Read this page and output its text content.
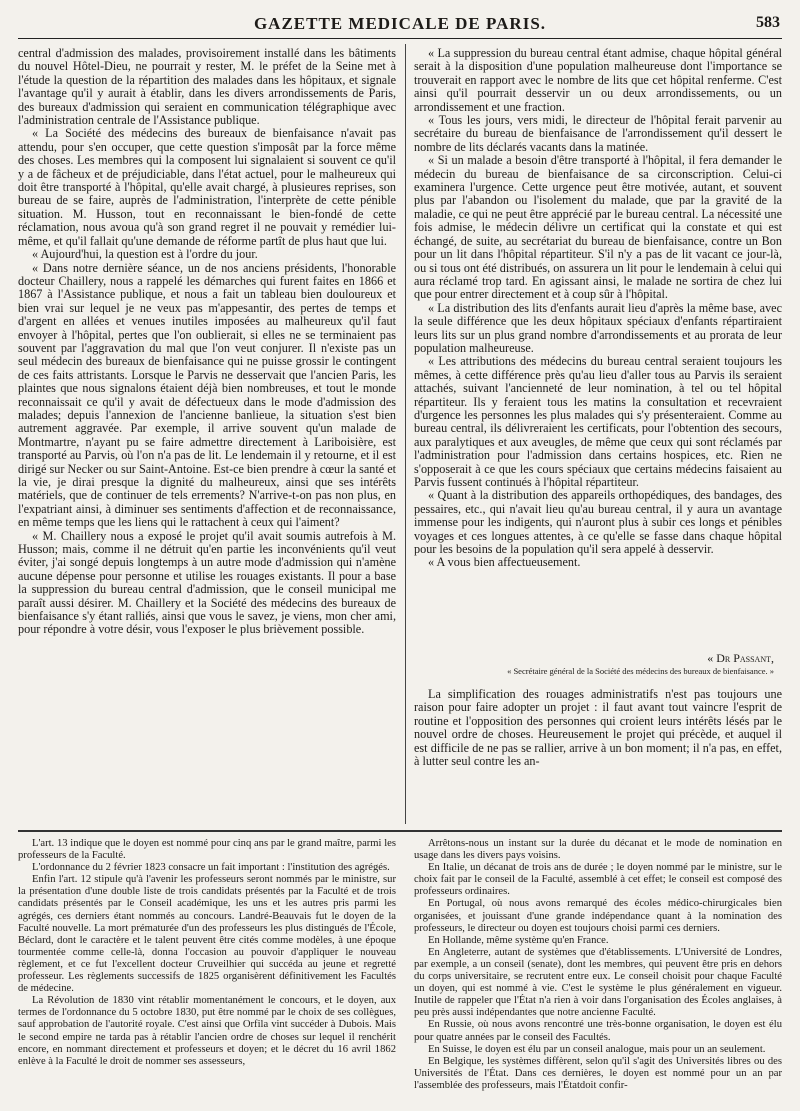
GAZETTE MEDICALE DE PARIS.	583

central d'admission des malades, provisoirement installé dans les bâtiments du nouvel Hôtel-Dieu, ne pourrait y rester, M. le préfet de la Seine met à l'étude la question de la répartition des malades dans les hôpitaux, et signale l'avantage qu'il y aurait à établir, dans les divers arrondissements de Paris, des bureaux d'admission qui seraient en communication télégraphique avec l'administration centrale de l'Assistance publique.

« La Société des médecins des bureaux de bienfaisance n'avait pas attendu, pour s'en occuper, que cette question s'imposât par la force même des choses. Les membres qui la composent lui signalaient si souvent ce qu'il y a de fâcheux et de préjudiciable, dans l'état actuel, pour le malheureux qui doit être transporté à l'hôpital, qu'elle avait chargé, à plusieures reprises, son bureau de se faire, auprès de l'administration, l'interprète de cette pénible situation. M. Husson, tout en reconnaissant le bien-fondé de cette réclamation, nous avoua qu'à son grand regret il ne pouvait y remédier lui-même, et qu'il fallait qu'une demande de réforme partît de plus haut que lui.

« Aujourd'hui, la question est à l'ordre du jour.

« Dans notre dernière séance, un de nos anciens présidents, l'honorable docteur Chaillery, nous a rappelé les démarches qui furent faites en 1866 et 1867 à l'Assistance publique, et nous a fait un tableau bien douloureux et bien vrai sur lequel je ne veux pas m'appesantir, des pertes de temps et d'argent en allées et venues inutiles imposées au malheureux qu'il faut envoyer à l'hôpital, pertes que l'on oublierait, si elles ne se terminaient pas souvent par l'aggravation du mal que l'on veut conjurer. Il n'existe pas un seul médecin des bureaux de bienfaisance qui ne puisse grossir le contingent de ces faits attristants. Lorsque le Parvis ne desservait que l'ancien Paris, les plaintes que nous signalons étaient déjà bien nombreuses, et tout le monde reconnaissait ce qu'il y avait de défectueux dans le mode d'admission des malades; depuis l'annexion de l'ancienne banlieue, la situation s'est bien autrement aggravée. Par exemple, il arrive souvent qu'un malade de Montmartre, n'ayant pu se faire admettre directement à Lariboisière, est transporté au Parvis, où l'on n'a pas de lit. Le lendemain il y retourne, et il est dirigé sur Necker ou sur Saint-Antoine. Est-ce bien prendre à cœur la santé et la vie, je dirai presque la dignité du malheureux, ainsi que ses intérêts matériels, que de continuer de tels errements? N'arrive-t-on pas non plus, en l'expatriant ainsi, à diminuer ses sentiments d'affection et de reconnaissance, en même temps que les liens qui le rattachent à ceux qui l'aiment?

« M. Chaillery nous a exposé le projet qu'il avait soumis autrefois à M. Husson; mais, comme il ne détruit qu'en partie les inconvénients qu'il veut éviter, j'ai songé depuis longtemps à un autre mode d'admission qui n'amène aucune dépense pour personne et utilise les rouages existants. Il pour a base la suppression du bureau central d'admission, que le conseil municipal me paraît aussi désirer. M. Chaillery et la Société des médecins des bureaux de bienfaisance s'y étant ralliés, ainsi que vous le savez, je viens, mon cher ami, pour répondre à votre désir, vous l'exposer le plus brièvement possible.

« La suppression du bureau central étant admise, chaque hôpital général serait à la disposition d'une population malheureuse dont l'importance se trouverait en rapport avec le nombre de lits que cet hôpital renferme. C'est ainsi qu'il pourrait desservir un ou deux arrondissements, ou un arrondissement et une fraction.

« Tous les jours, vers midi, le directeur de l'hôpital ferait parvenir au secrétaire du bureau de bienfaisance de l'arrondissement qu'il dessert le nombre de lits déclarés vacants dans la matinée.

« Si un malade a besoin d'être transporté à l'hôpital, il fera demander le médecin du bureau de bienfaisance de sa circonscription. Celui-ci examinera l'urgence. Cette urgence peut être motivée, autant, et souvent plus par l'abandon ou l'isolement du malade, que par la gravité de la maladie, ce qui ne peut être apprécié par le bureau central. La nécessité une fois admise, le médecin délivre un certificat qui la constate et qui est échangé, de suite, au secrétariat du bureau de bienfaisance, contre un Bon pour un lit dans l'hôpital répartiteur. S'il n'y a pas de lit vacant ce jour-là, ou si tous ont été distribués, on assurera un lit pour le lendemain à celui qui aura réclamé trop tard. En agissant ainsi, le malade ne sortira de chez lui que pour entrer directement et à coup sûr à l'hôpital.

« La distribution des lits d'enfants aurait lieu d'après la même base, avec la seule différence que les deux hôpitaux spéciaux d'enfants répartiraient leurs lits sur un plus grand nombre d'arrondissements et au prorata de leur population malheureuse.

« Les attributions des médecins du bureau central seraient toujours les mêmes, à cette différence près qu'au lieu d'aller tous au Parvis ils seraient attachés, suivant l'ancienneté de leur nomination, à tel ou tel hôpital répartiteur. Ils y feraient tous les matins la consultation et recevraient d'urgence les personnes les plus malades qui s'y présenteraient. Comme au bureau central, ils délivreraient les certificats, pour l'obtention des secours, aux paralytiques et aux aveugles, de même que ceux qui sont réclamés par l'administration pour l'admission dans certains hospices, etc. Rien ne s'opposerait à ce que les cours spéciaux que certains médecins faisaient au Parvis fussent continués à l'hôpital répartiteur.

« Quant à la distribution des appareils orthopédiques, des bandages, des pessaires, etc., qui n'avait lieu qu'au bureau central, il y aura un avantage immense pour les indigents, qui n'auront plus à subir ces longs et pénibles voyages et ces longues attentes, à ce qu'elle se fasse dans chaque hôpital pour les besoins de la population qu'il sera appelé à desservir.

« A vous bien affectueusement.

« Dr Passant,
« Secrétaire général de la Société des médecins des bureaux de bienfaisance. »

La simplification des rouages administratifs n'est pas toujours une raison pour faire adopter un projet : il faut avant tout vaincre l'esprit de routine et l'opposition des personnes qui croient leurs intérêts lésés par le nouvel ordre de choses. Heureusement le projet qui précède, et auquel il est difficile de ne pas se rallier, arrive à un bon moment; il n'a pas, en effet, à lutter seul contre les an-

L'art. 13 indique que le doyen est nommé pour cinq ans par le grand maître, parmi les professeurs de la Faculté.

L'ordonnance du 2 février 1823 consacre un fait important : l'institution des agrégés.

Enfin l'art. 12 stipule qu'à l'avenir les professeurs seront nommés par le ministre, sur la présentation d'une double liste de trois candidats présentés par la Faculté et de trois candidats présentés par le Conseil académique, les uns et les autres pris parmi les agrégés, ces derniers étant nommés au concours. Landré-Beauvais fut le doyen de la Faculté nouvelle. La mort prématurée d'un des professeurs les plus distingués de l'École, Béclard, dont le caractère et le talent peuvent être cités comme modèles, à une époque tourmentée comme celle-là, donna l'occasion au pouvoir d'appliquer le nouveau règlement, et ce fut l'excellent docteur Cruveilhier qui succéda au jeune et regretté professeur. Les règlements successifs de 1825 organisèrent définitivement les Facultés de médecine.

La Révolution de 1830 vint rétablir momentanément le concours, et le doyen, aux termes de l'ordonnance du 5 octobre 1830, put être nommé par le choix de ses collègues, sauf approbation de l'autorité royale. C'est ainsi que Orfila vint succéder à Dubois. Mais le second empire ne tarda pas à rétablir l'ancien ordre de choses sur lequel il renchérit encore, en nommant directement et professeurs et doyen; et le décret du 16 avril 1862 enlève à la Faculté le droit de nommer ses assesseurs,

Arrêtons-nous un instant sur la durée du décanat et le mode de nomination en usage dans les divers pays voisins.

En Italie, un décanat de trois ans de durée ; le doyen nommé par le ministre, sur le choix fait par le conseil de la Faculté, assemblé à cet effet; le conseil est composé des professeurs ordinaires.

En Portugal, où nous avons remarqué des écoles médico-chirurgicales bien organisées, et jouissant d'une grande indépendance quant à la nomination des professeurs, le directeur ou doyen est toujours choisi parmi ces derniers.

En Hollande, même système qu'en France.

En Angleterre, autant de systèmes que d'établissements. L'Université de Londres, par exemple, a un conseil (senate), dont les membres, qui peuvent être pris en dehors du corps universitaire, se recrutent entre eux. Le conseil choisit pour chaque Faculté un doyen, qui est nommé à vie. C'est le système le plus généralement en vigueur. Inutile de rappeler que l'État n'a rien à voir dans l'organisation des Écoles anglaises, à peu près aussi indépendantes que notre ancienne Faculté.

En Russie, où nous avons rencontré une très-bonne organisation, le doyen est élu pour quatre années par le conseil des Facultés.

En Suisse, le doyen est élu par un conseil analogue, mais pour un an seulement.

En Belgique, les systèmes diffèrent, selon qu'il s'agit des Universités libres ou des Universités de l'État. Dans ces dernières, le doyen est nommé pour un an par l'assemblée des professeurs, mais l'Étatdoit confir-
